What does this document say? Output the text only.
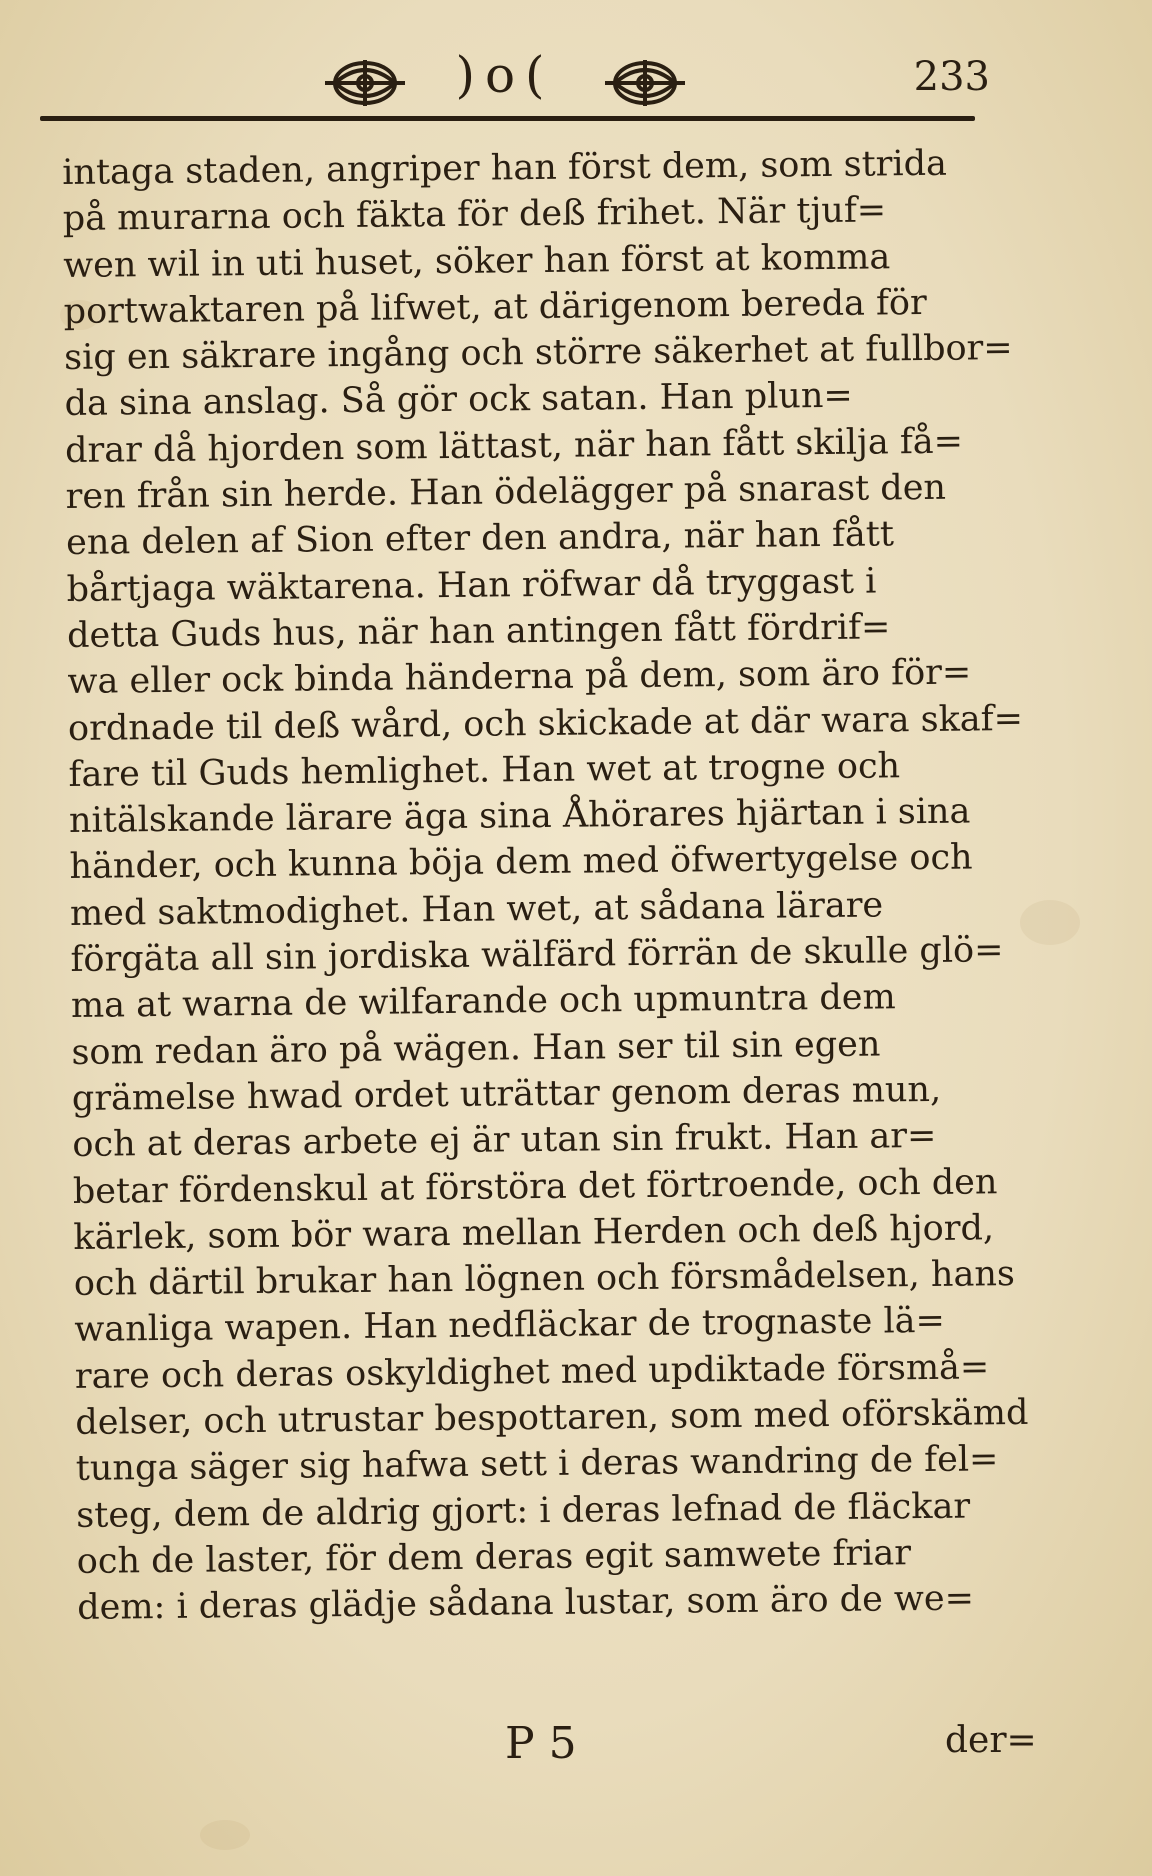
)o(	233
intaga staden, angriper han först dem, som strida
på murarna och fäkta för deß frihet. När tjuf=
wen wil in uti huset, söker han först at komma
portwaktaren på lifwet, at därigenom bereda för
sig en säkrare ingång och större säkerhet at fullbor=
da sina anslag. Så gör ock satan. Han plun=
drar då hjorden som lättast, när han fått skilja få=
ren från sin herde. Han ödelägger på snarast den
ena delen af Sion efter den andra, när han fått
bårtjaga wäktarena. Han röfwar då tryggast i
detta Guds hus, när han antingen fått fördrif=
wa eller ock binda händerna på dem, som äro för=
ordnade til deß wård, och skickade at där wara skaf=
fare til Guds hemlighet. Han wet at trogne och
nitälskande lärare äga sina Åhörares hjärtan i sina
händer, och kunna böja dem med öfwertygelse och
med saktmodighet. Han wet, at sådana lärare
förgäta all sin jordiska wälfärd förrän de skulle glö=
ma at warna de wilfarande och upmuntra dem
som redan äro på wägen. Han ser til sin egen
grämelse hwad ordet uträttar genom deras mun,
och at deras arbete ej är utan sin frukt. Han ar=
betar fördenskul at förstöra det förtroende, och den
kärlek, som bör wara mellan Herden och deß hjord,
och därtil brukar han lögnen och försmådelsen, hans
wanliga wapen. Han nedfläckar de trognaste lä=
rare och deras oskyldighet med updiktade försmå=
delser, och utrustar bespottaren, som med oförskämd
tunga säger sig hafwa sett i deras wandring de fel=
steg, dem de aldrig gjort: i deras lefnad de fläckar
och de laster, för dem deras egit samwete friar
dem: i deras glädje sådana lustar, som äro de we=
P 5	der=
